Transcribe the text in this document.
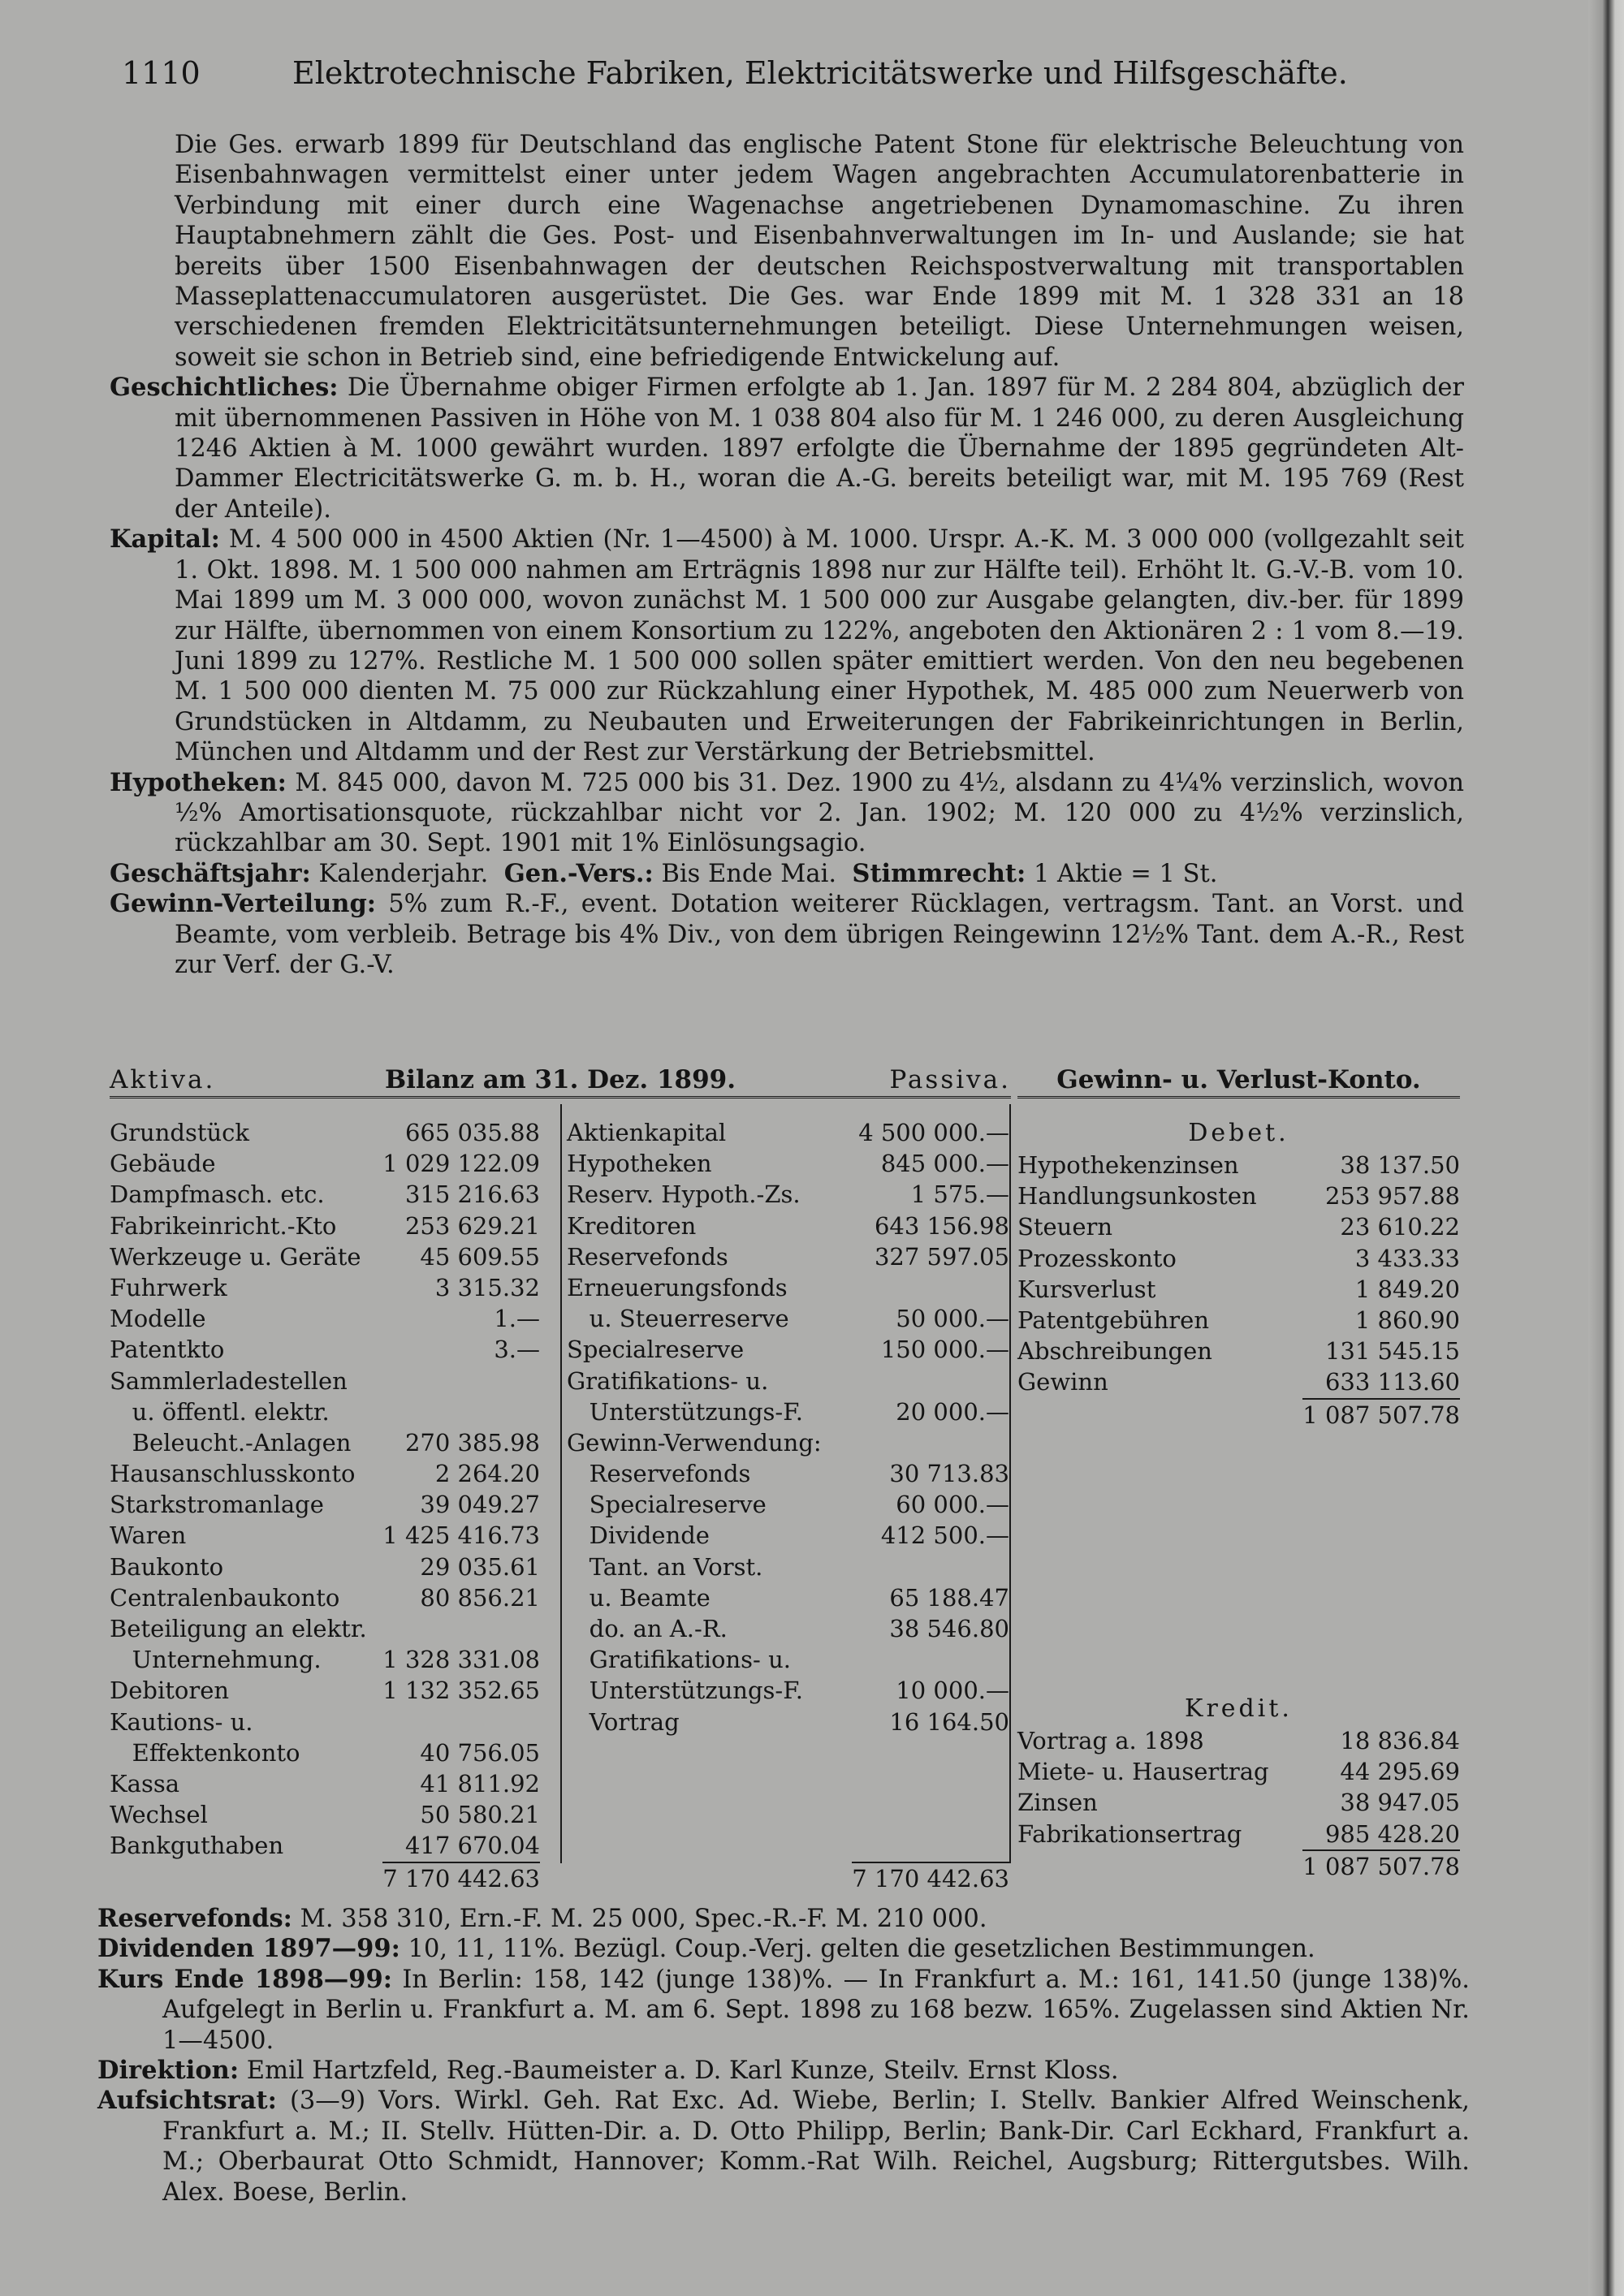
1110	Elektrotechnische Fabriken, Elektricitätswerke und Hilfsgeschäfte.
Die Ges. erwarb 1899 für Deutschland das englische Patent Stone für elektrische Beleuchtung von Eisenbahnwagen vermittelst einer unter jedem Wagen angebrachten Accumulatorenbatterie in Verbindung mit einer durch eine Wagenachse angetriebenen Dynamomaschine. Zu ihren Hauptabnehmern zählt die Ges. Post- und Eisenbahnverwaltungen im In- und Auslande; sie hat bereits über 1500 Eisenbahnwagen der deutschen Reichspostverwaltung mit transportablen Masseplattenaccumulatoren ausgerüstet. Die Ges. war Ende 1899 mit M. 1 328 331 an 18 verschiedenen fremden Elektricitätsunternehmungen beteiligt. Diese Unternehmungen weisen, soweit sie schon in Betrieb sind, eine befriedigende Entwickelung auf.
Geschichtliches: Die Übernahme obiger Firmen erfolgte ab 1. Jan. 1897 für M. 2 284 804, abzüglich der mit übernommenen Passiven in Höhe von M. 1 038 804 also für M. 1 246 000, zu deren Ausgleichung 1246 Aktien à M. 1000 gewährt wurden. 1897 erfolgte die Übernahme der 1895 gegründeten Alt-Dammer Electricitätswerke G. m. b. H., woran die A.-G. bereits beteiligt war, mit M. 195 769 (Rest der Anteile).
Kapital: M. 4 500 000 in 4500 Aktien (Nr. 1—4500) à M. 1000. Urspr. A.-K. M. 3 000 000 (vollgezahlt seit 1. Okt. 1898. M. 1 500 000 nahmen am Erträgnis 1898 nur zur Hälfte teil). Erhöht lt. G.-V.-B. vom 10. Mai 1899 um M. 3 000 000, wovon zunächst M. 1 500 000 zur Ausgabe gelangten, div.-ber. für 1899 zur Hälfte, übernommen von einem Konsortium zu 122%, angeboten den Aktionären 2 : 1 vom 8.—19. Juni 1899 zu 127%. Restliche M. 1 500 000 sollen später emittiert werden. Von den neu begebenen M. 1 500 000 dienten M. 75 000 zur Rückzahlung einer Hypothek, M. 485 000 zum Neuerwerb von Grundstücken in Altdamm, zu Neubauten und Erweiterungen der Fabrikeinrichtungen in Berlin, München und Altdamm und der Rest zur Verstärkung der Betriebsmittel.
Hypotheken: M. 845 000, davon M. 725 000 bis 31. Dez. 1900 zu 4½, alsdann zu 4¼% verzinslich, wovon ½% Amortisationsquote, rückzahlbar nicht vor 2. Jan. 1902; M. 120 000 zu 4½% verzinslich, rückzahlbar am 30. Sept. 1901 mit 1% Einlösungsagio.
Geschäftsjahr: Kalenderjahr. Gen.-Vers.: Bis Ende Mai. Stimmrecht: 1 Aktie = 1 St.
Gewinn-Verteilung: 5% zum R.-F., event. Dotation weiterer Rücklagen, vertragsm. Tant. an Vorst. und Beamte, vom verbleib. Betrage bis 4% Div., von dem übrigen Reingewinn 12½% Tant. dem A.-R., Rest zur Verf. der G.-V.
Aktiva.	Bilanz am 31. Dez. 1899.	Passiva.
Grundstück	665 035.88
Gebäude	1 029 122.09
Dampfmasch. etc.	315 216.63
Fabrikeinricht.-Kto	253 629.21
Werkzeuge u. Geräte	45 609.55
Fuhrwerk	3 315.32
Modelle	1.—
Patentkto	3.—
Sammlerladestellen
u. öffentl. elektr.
Beleucht.-Anlagen 270 385.98
Hausanschlusskonto	2 264.20
Starkstromanlage	39 049.27
Waren	1 425 416.73
Baukonto	29 035.61
Centralenbaukonto	80 856.21
Beteiligung an elektr.
Unternehmung.	1 328 331.08
Debitoren	1 132 352.65
Kautions- u.
Effektenkonto	40 756.05
Kassa	41 811.92
Wechsel	50 580.21
Bankguthaben	417 670.04
7 170 442.63
Aktienkapital	4 500 000.—
Hypotheken	845 000.—
Reserv. Hypoth.-Zs.	1 575.—
Kreditoren	643 156.98
Reservefonds	327 597.05
Erneuerungsfonds
u. Steuerreserve	50 000.—
Specialreserve	150 000.—
Gratifikations- u.
Unterstützungs-F.	20 000.—
Gewinn-Verwendung:
Reservefonds	30 713.83
Specialreserve	60 000.—
Dividende	412 500.—
Tant. an Vorst.
u. Beamte	65 188.47
do. an A.-R.	38 546.80
Gratifikations- u.
Unterstützungs-F.	10 000.—
Vortrag	16 164.50
7 170 442.63
Gewinn- u. Verlust-Konto.
Debet.
Hypothekenzinsen	38 137.50
Handlungsunkosten	253 957.88
Steuern	23 610.22
Prozesskonto	3 433.33
Kursverlust	1 849.20
Patentgebühren	1 860.90
Abschreibungen	131 545.15
Gewinn	633 113.60
1 087 507.78
Kredit.
Vortrag a. 1898	18 836.84
Miete- u. Hausertrag	44 295.69
Zinsen	38 947.05
Fabrikationsertrag	985 428.20
1 087 507.78
Reservefonds: M. 358 310, Ern.-F. M. 25 000, Spec.-R.-F. M. 210 000.
Dividenden 1897—99: 10, 11, 11%. Bezügl. Coup.-Verj. gelten die gesetzlichen Bestimmungen.
Kurs Ende 1898—99: In Berlin: 158, 142 (junge 138)%. — In Frankfurt a. M.: 161, 141.50 (junge 138)%. Aufgelegt in Berlin u. Frankfurt a. M. am 6. Sept. 1898 zu 168 bezw. 165%. Zugelassen sind Aktien Nr. 1—4500.
Direktion: Emil Hartzfeld, Reg.-Baumeister a. D. Karl Kunze, Steilv. Ernst Kloss.
Aufsichtsrat: (3—9) Vors. Wirkl. Geh. Rat Exc. Ad. Wiebe, Berlin; I. Stellv. Bankier Alfred Weinschenk, Frankfurt a. M.; II. Stellv. Hütten-Dir. a. D. Otto Philipp, Berlin; Bank-Dir. Carl Eckhard, Frankfurt a. M.; Oberbaurat Otto Schmidt, Hannover; Komm.-Rat Wilh. Reichel, Augsburg; Rittergutsbes. Wilh. Alex. Boese, Berlin.
